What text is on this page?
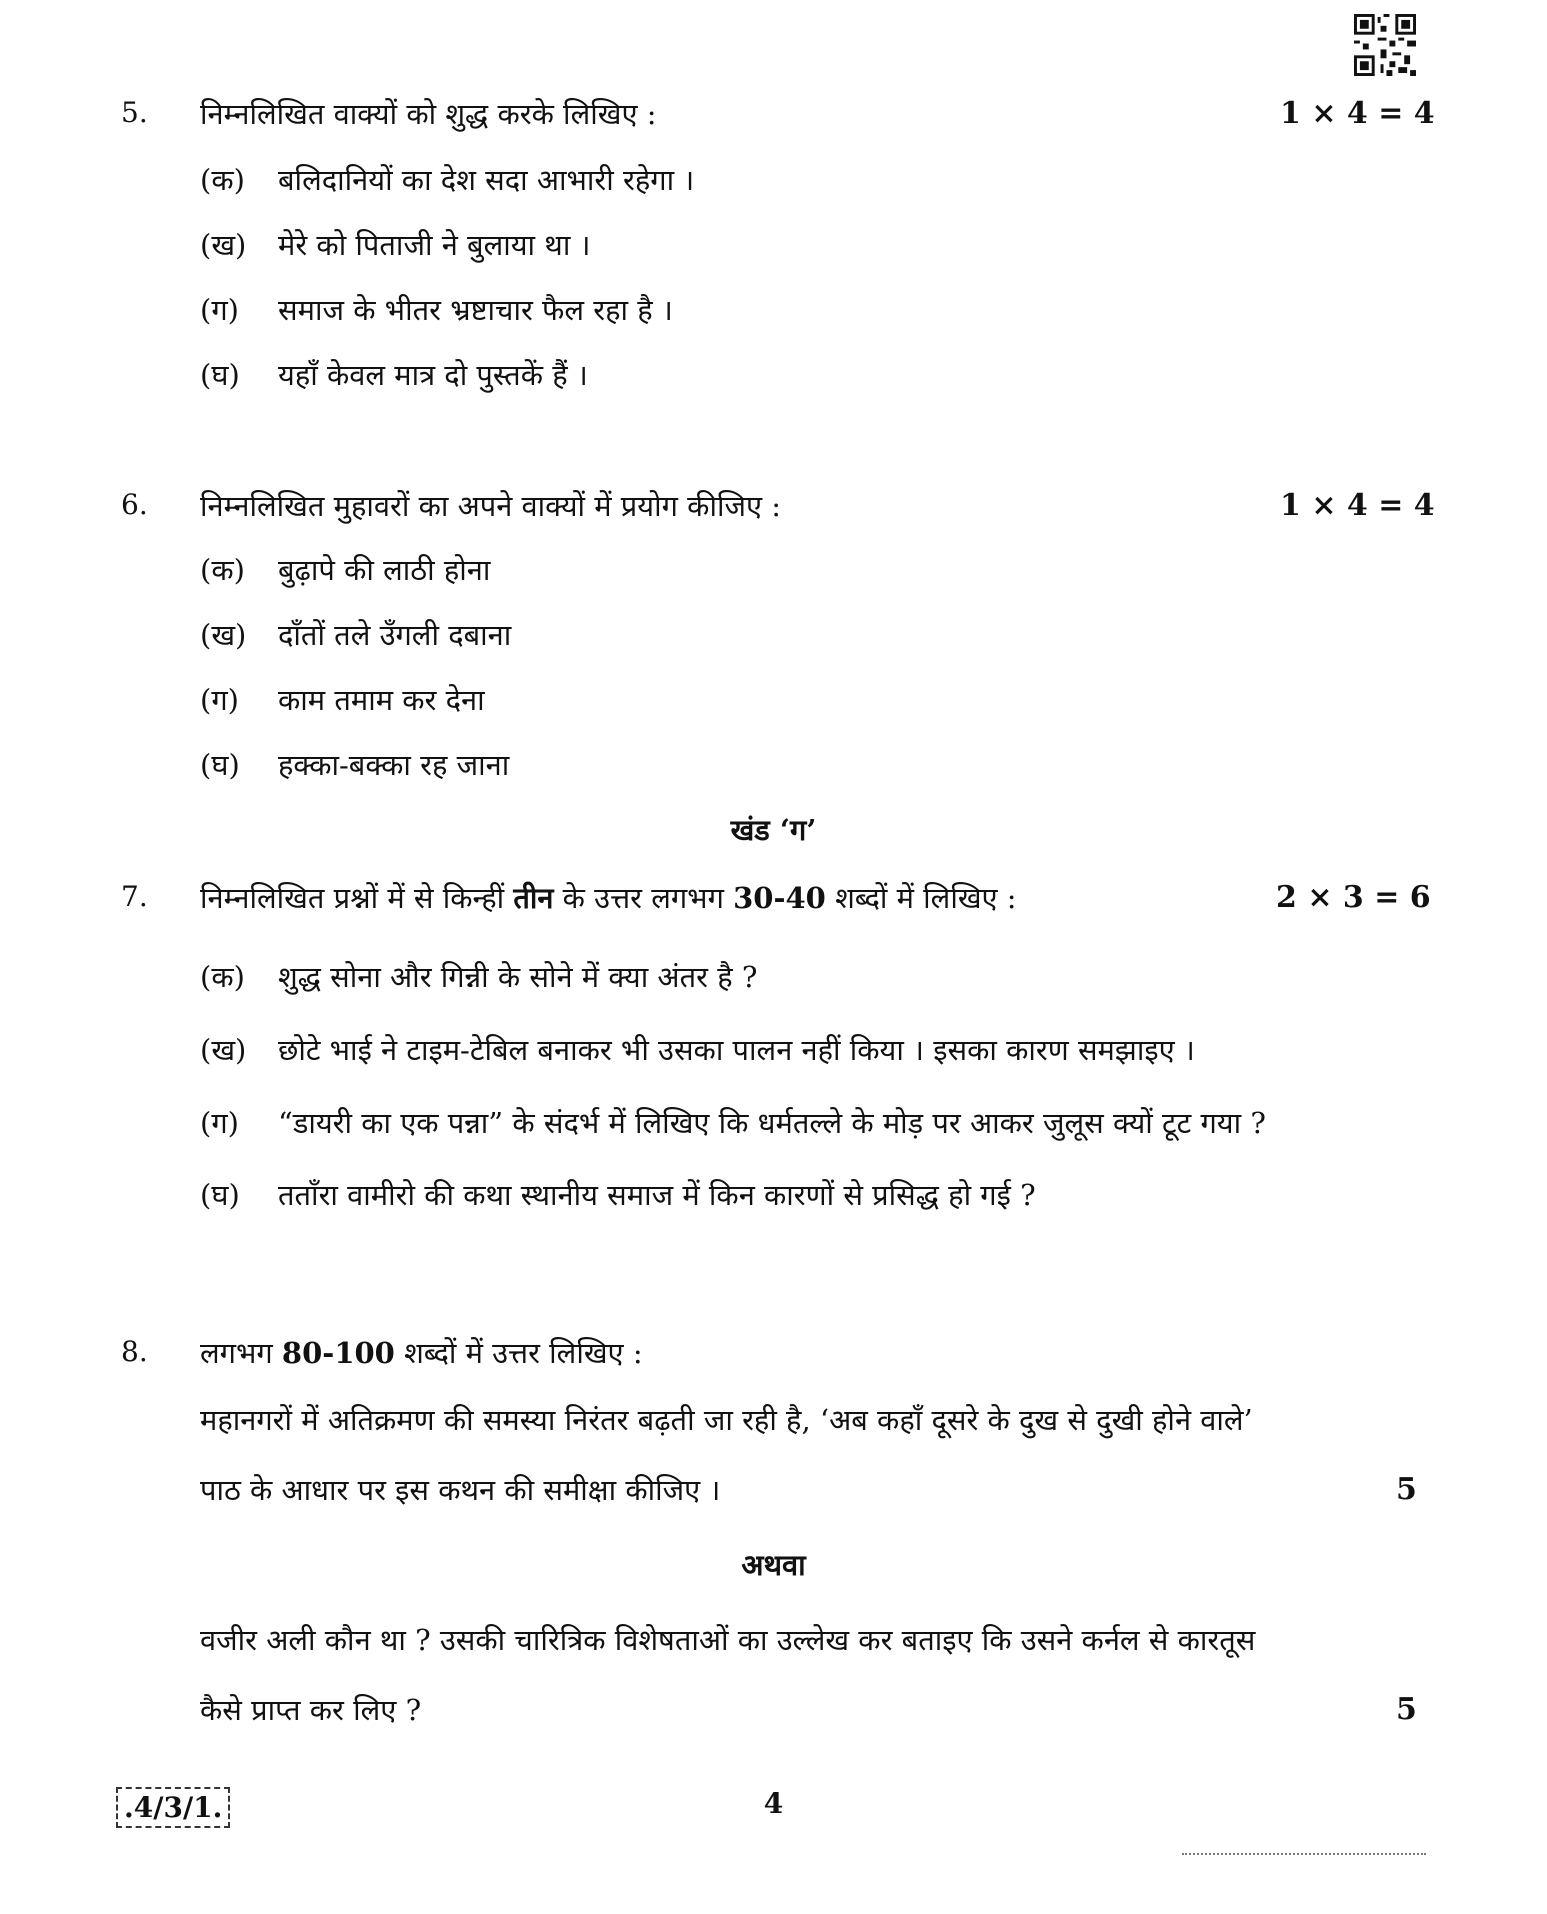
5. निम्नलिखित वाक्यों को शुद्ध करके लिखिए :	1 × 4 = 4
(क) बलिदानियों का देश सदा आभारी रहेगा ।
(ख) मेरे को पिताजी ने बुलाया था ।
(ग) समाज के भीतर भ्रष्टाचार फैल रहा है ।
(घ) यहाँ केवल मात्र दो पुस्तकें हैं ।
6. निम्नलिखित मुहावरों का अपने वाक्यों में प्रयोग कीजिए :	1 × 4 = 4
(क) बुढ़ापे की लाठी होना
(ख) दाँतों तले उँगली दबाना
(ग) काम तमाम कर देना
(घ) हक्का-बक्का रह जाना
खंड ‘ग’
7. निम्नलिखित प्रश्नों में से किन्हीं तीन के उत्तर लगभग 30-40 शब्दों में लिखिए :	2 × 3 = 6
(क) शुद्ध सोना और गिन्नी के सोने में क्या अंतर है ?
(ख) छोटे भाई ने टाइम-टेबिल बनाकर भी उसका पालन नहीं किया । इसका कारण समझाइए ।
(ग) “डायरी का एक पन्ना” के संदर्भ में लिखिए कि धर्मतल्ले के मोड़ पर आकर जुलूस क्यों टूट गया ?
(घ) तताँरा वामीरो की कथा स्थानीय समाज में किन कारणों से प्रसिद्ध हो गई ?
8. लगभग 80-100 शब्दों में उत्तर लिखिए :
महानगरों में अतिक्रमण की समस्या निरंतर बढ़ती जा रही है, ‘अब कहाँ दूसरे के दुख से दुखी होने वाले’
पाठ के आधार पर इस कथन की समीक्षा कीजिए ।	5
अथवा
वजीर अली कौन था ? उसकी चारित्रिक विशेषताओं का उल्लेख कर बताइए कि उसने कर्नल से कारतूस
कैसे प्राप्त कर लिए ?	5
.4/3/1.	4
